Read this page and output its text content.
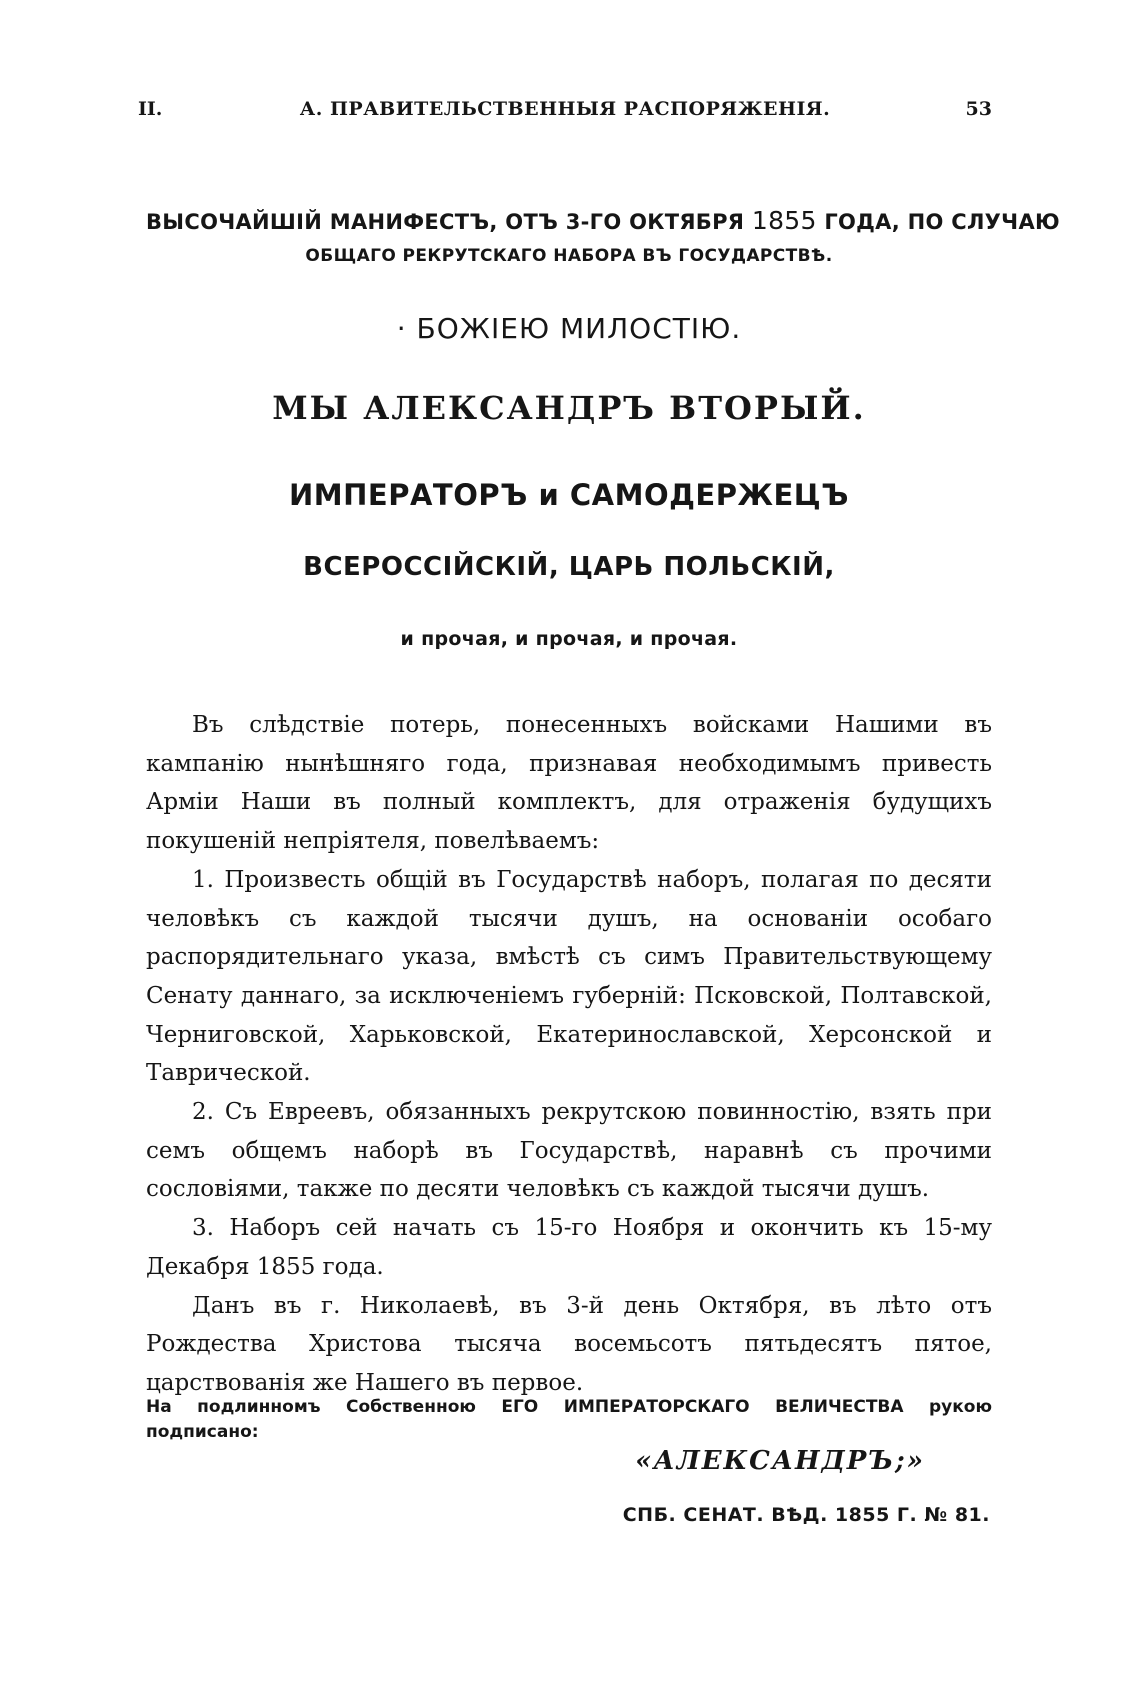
II.	А. ПРАВИТЕЛЬСТВЕННЫЯ РАСПОРЯЖЕНІЯ.	53
ВЫСОЧАЙШІЙ МАНИФЕСТЪ, ОТЪ 3-ГО ОКТЯБРЯ 1855 ГОДА, ПО СЛУЧАЮ
ОБЩАГО РЕКРУТСКАГО НАБОРА ВЪ ГОСУДАРСТВѢ.
· БОЖІЕЮ МИЛОСТІЮ.
МЫ АЛЕКСАНДРЪ ВТОРЫЙ.
ИМПЕРАТОРЪ и САМОДЕРЖЕЦЪ
ВСЕРОССІЙСКІЙ, ЦАРЬ ПОЛЬСКІЙ,
и прочая, и прочая, и прочая.

Въ слѣдствіе потерь, понесенныхъ войсками Нашими въ кампанію нынѣшняго года, признавая необходимымъ привесть Арміи Наши въ полный комплектъ, для отраженія будущихъ покушеній непріятеля, повелѣваемъ:

1. Произвесть общій въ Государствѣ наборъ, полагая по десяти человѣкъ съ каждой тысячи душъ, на основаніи особаго распорядительнаго указа, вмѣстѣ съ симъ Правительствующему Сенату даннаго, за исключеніемъ губерній: Псковской, Полтавской, Черниговской, Харьковской, Екатеринославской, Херсонской и Таврической.

2. Съ Евреевъ, обязанныхъ рекрутскою повинностію, взять при семъ общемъ наборѣ въ Государствѣ, наравнѣ съ прочими сословіями, также по десяти человѣкъ съ каждой тысячи душъ.

3. Наборъ сей начать съ 15-го Ноября и окончить къ 15-му Декабря 1855 года.

Данъ въ г. Николаевѣ, въ 3-й день Октября, въ лѣто отъ Рождества Христова тысяча восемьсотъ пятьдесятъ пятое, царствованія же Нашего въ первое.

На подлинномъ Собственною ЕГО ИМПЕРАТОРСКАГО ВЕЛИЧЕСТВА рукою подписано:
«АЛЕКСАНДРЪ;»
СПБ. СЕНАТ. ВѢД. 1855 Г. № 81.
